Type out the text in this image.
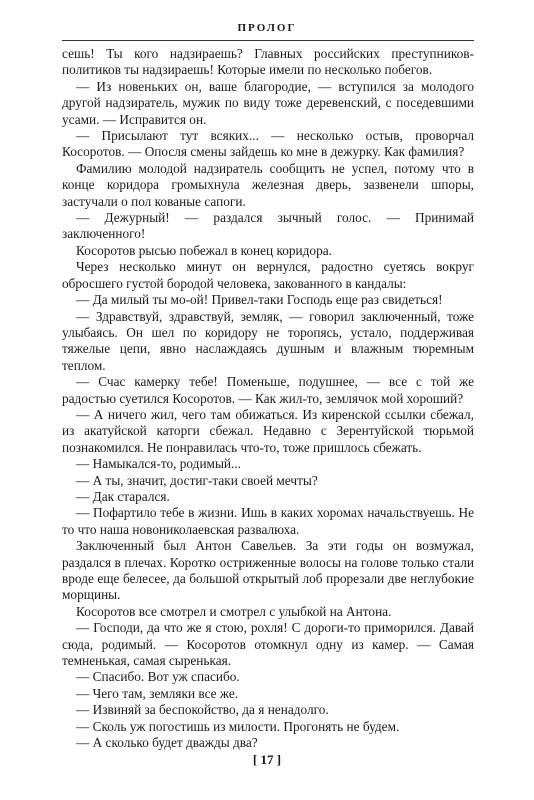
ПРОЛОГ

сешь! Ты кого надзираешь? Главных российских преступников-политиков ты надзираешь! Которые имели по несколько побегов.

— Из новеньких он, ваше благородие, — вступился за молодого другой надзиратель, мужик по виду тоже деревенский, с поседевшими усами. — Исправится он.

— Присылают тут всяких... — несколько остыв, проворчал Косоротов. — Опосля смены зайдешь ко мне в дежурку. Как фамилия?

Фамилию молодой надзиратель сообщить не успел, потому что в конце коридора громыхнула железная дверь, зазвенели шпоры, застучали о пол кованые сапоги.

— Дежурный! — раздался зычный голос. — Принимай заключенного!

Косоротов рысью побежал в конец коридора.

Через несколько минут он вернулся, радостно суетясь вокруг обросшего густой бородой человека, закованного в кандалы:

— Да милый ты мо-ой! Привел-таки Господь еще раз свидеться!

— Здравствуй, здравствуй, земляк, — говорил заключенный, тоже улыбаясь. Он шел по коридору не торопясь, устало, поддерживая тяжелые цепи, явно наслаждаясь душным и влажным тюремным теплом.

— Счас камерку тебе! Поменьше, подушнее, — все с той же радостью суетился Косоротов. — Как жил-то, землячок мой хороший?

— А ничего жил, чего там обижаться. Из киренской ссылки сбежал, из акатуйской каторги сбежал. Недавно с Зерентуйской тюрьмой познакомился. Не понравилась что-то, тоже пришлось сбежать.

— Намыкался-то, родимый...

— А ты, значит, достиг-таки своей мечты?

— Дак старался.

— Пофартило тебе в жизни. Ишь в каких хоромах начальствуешь. Не то что наша новониколаевская развалюха.

Заключенный был Антон Савельев. За эти годы он возмужал, раздался в плечах. Коротко остриженные волосы на голове только стали вроде еще белесее, да большой открытый лоб прорезали две неглубокие морщины.

Косоротов все смотрел и смотрел с улыбкой на Антона.

— Господи, да что же я стою, рохля! С дороги-то приморился. Давай сюда, родимый. — Косоротов отомкнул одну из камер. — Самая темненькая, самая сыренькая.

— Спасибо. Вот уж спасибо.

— Чего там, земляки все же.

— Извиняй за беспокойство, да я ненадолго.

— Сколь уж погостишь из милости. Прогонять не будем.

— А сколько будет дважды два?

[ 17 ]
